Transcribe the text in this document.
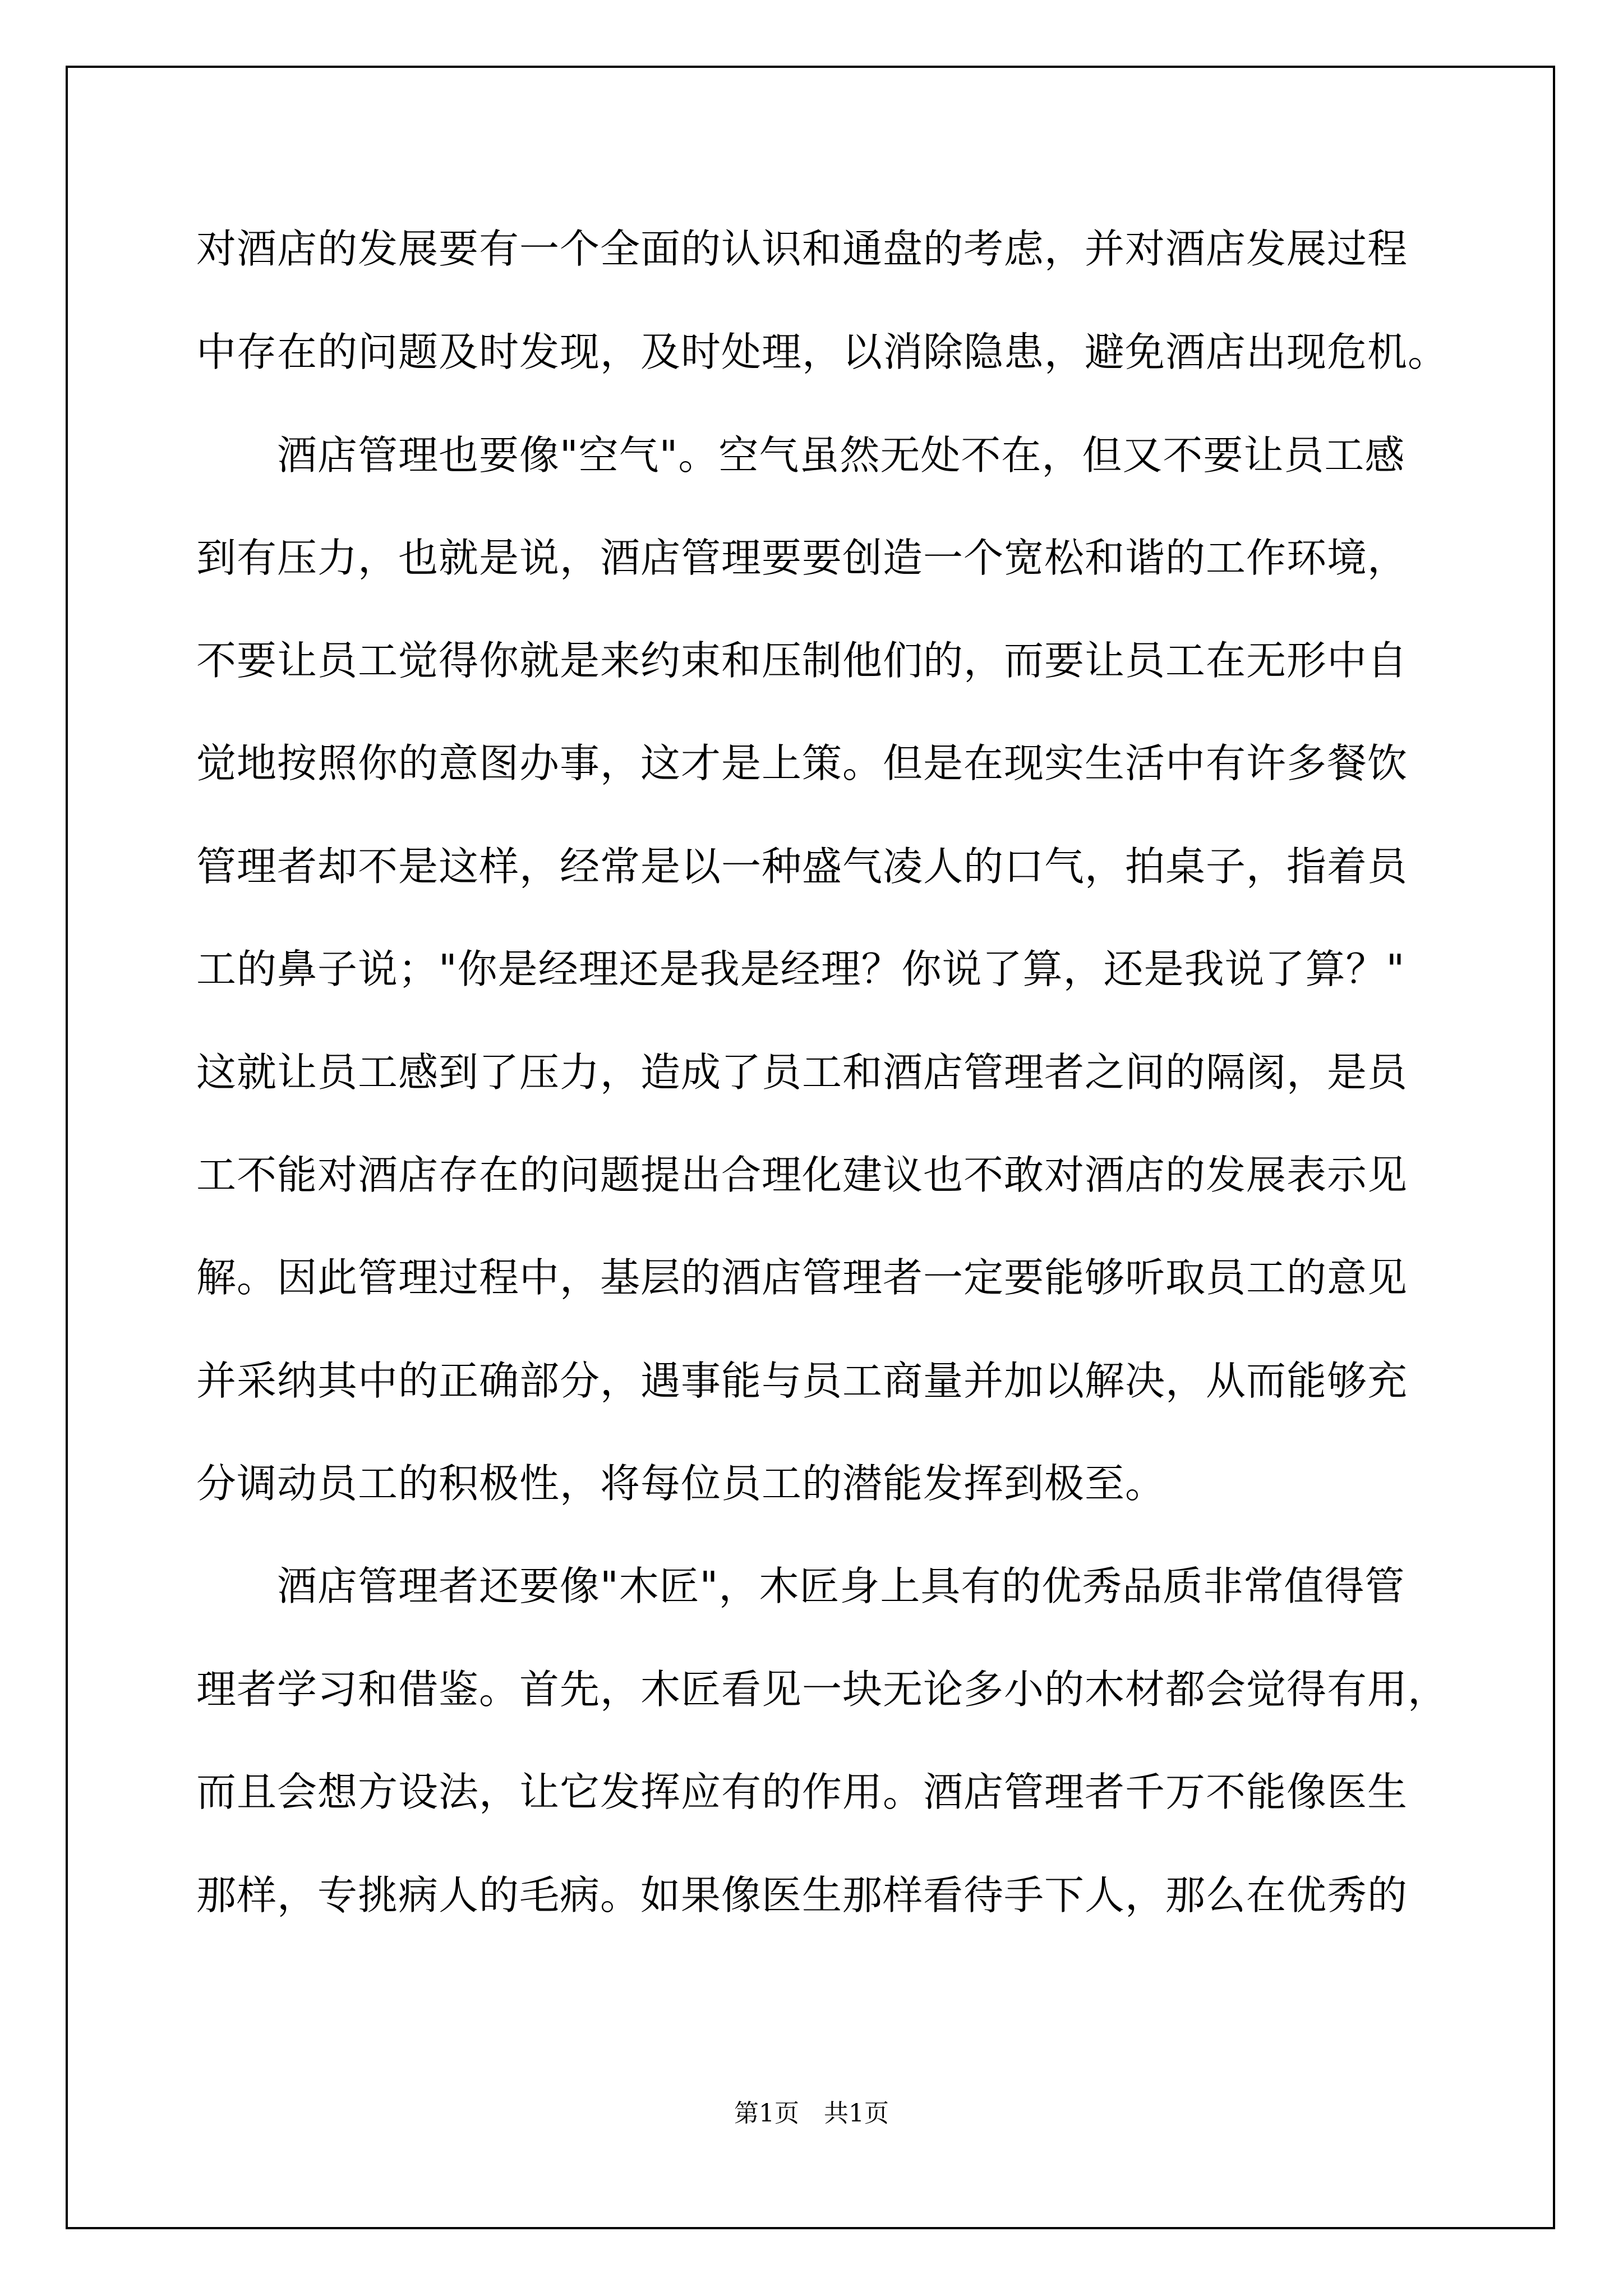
对酒店的发展要有一个全面的认识和通盘的考虑，并对酒店发展过程
中存在的问题及时发现，及时处理，以消除隐患，避免酒店出现危机。
　　酒店管理也要像"空气"。空气虽然无处不在，但又不要让员工感
到有压力，也就是说，酒店管理要要创造一个宽松和谐的工作环境，
不要让员工觉得你就是来约束和压制他们的，而要让员工在无形中自
觉地按照你的意图办事，这才是上策。但是在现实生活中有许多餐饮
管理者却不是这样，经常是以一种盛气凌人的口气，拍桌子，指着员
工的鼻子说；"你是经理还是我是经理？你说了算，还是我说了算？"
这就让员工感到了压力，造成了员工和酒店管理者之间的隔阂，是员
工不能对酒店存在的问题提出合理化建议也不敢对酒店的发展表示见
解。因此管理过程中，基层的酒店管理者一定要能够听取员工的意见
并采纳其中的正确部分，遇事能与员工商量并加以解决，从而能够充
分调动员工的积极性，将每位员工的潜能发挥到极至。
　　酒店管理者还要像"木匠"，木匠身上具有的优秀品质非常值得管
理者学习和借鉴。首先，木匠看见一块无论多小的木材都会觉得有用，
而且会想方设法，让它发挥应有的作用。酒店管理者千万不能像医生
那样，专挑病人的毛病。如果像医生那样看待手下人，那么在优秀的
第1页　共1页
